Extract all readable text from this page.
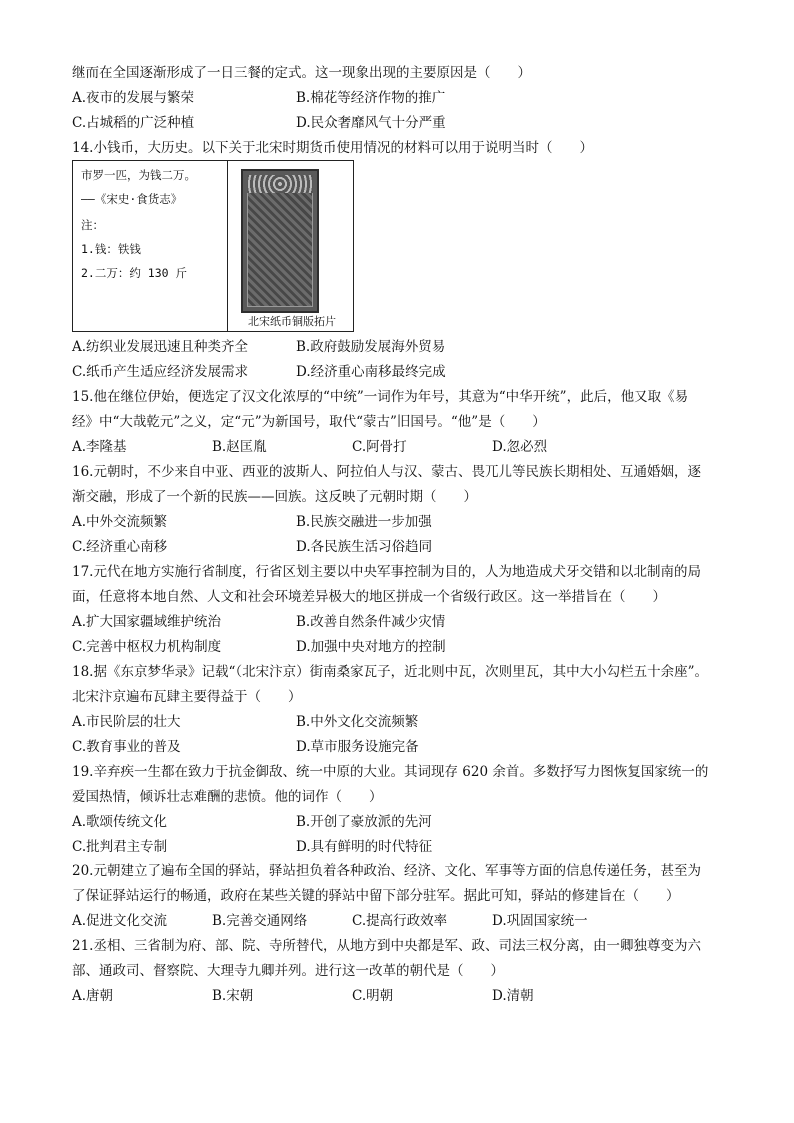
继而在全国逐渐形成了一日三餐的定式。这一现象出现的主要原因是（　　）
A.夜市的发展与繁荣	B.棉花等经济作物的推广
C.占城稻的广泛种植	D.民众奢靡风气十分严重
14.小钱币，大历史。以下关于北宋时期货币使用情况的材料可以用于说明当时（　　）
市罗一匹，为钱二万。
——《宋史·食货志》
注：
1.钱：铁钱
2.二万：约 130 斤
北宋纸币铜版拓片
A.纺织业发展迅速且种类齐全	B.政府鼓励发展海外贸易
C.纸币产生适应经济发展需求	D.经济重心南移最终完成
15.他在继位伊始，便选定了汉文化浓厚的“中统”一词作为年号，其意为“中华开统”，此后，他又取《易
经》中“大哉乾元”之义，定“元”为新国号，取代“蒙古”旧国号。“他”是（　　）
A.李隆基	B.赵匡胤	C.阿骨打	D.忽必烈
16.元朝时，不少来自中亚、西亚的波斯人、阿拉伯人与汉、蒙古、畏兀儿等民族长期相处、互通婚姻，逐
渐交融，形成了一个新的民族——回族。这反映了元朝时期（　　）
A.中外交流频繁	B.民族交融进一步加强
C.经济重心南移	D.各民族生活习俗趋同
17.元代在地方实施行省制度，行省区划主要以中央军事控制为目的，人为地造成犬牙交错和以北制南的局
面，任意将本地自然、人文和社会环境差异极大的地区拼成一个省级行政区。这一举措旨在（　　）
A.扩大国家疆域维护统治	B.改善自然条件减少灾情
C.完善中枢权力机构制度	D.加强中央对地方的控制
18.据《东京梦华录》记载“（北宋汴京）街南桑家瓦子，近北则中瓦，次则里瓦，其中大小勾栏五十余座”。
北宋汴京遍布瓦肆主要得益于（　　）
A.市民阶层的壮大	B.中外文化交流频繁
C.教育事业的普及	D.草市服务设施完备
19.辛弃疾一生都在致力于抗金御敌、统一中原的大业。其词现存 620 余首。多数抒写力图恢复国家统一的
爱国热情，倾诉壮志难酬的悲愤。他的词作（　　）
A.歌颂传统文化	B.开创了豪放派的先河
C.批判君主专制	D.具有鲜明的时代特征
20.元朝建立了遍布全国的驿站，驿站担负着各种政治、经济、文化、军事等方面的信息传递任务，甚至为
了保证驿站运行的畅通，政府在某些关键的驿站中留下部分驻军。据此可知，驿站的修建旨在（　　）
A.促进文化交流	B.完善交通网络	C.提高行政效率	D.巩固国家统一
21.丞相、三省制为府、部、院、寺所替代，从地方到中央都是军、政、司法三权分离，由一卿独尊变为六
部、通政司、督察院、大理寺九卿并列。进行这一改革的朝代是（　　）
A.唐朝	B.宋朝	C.明朝	D.清朝
